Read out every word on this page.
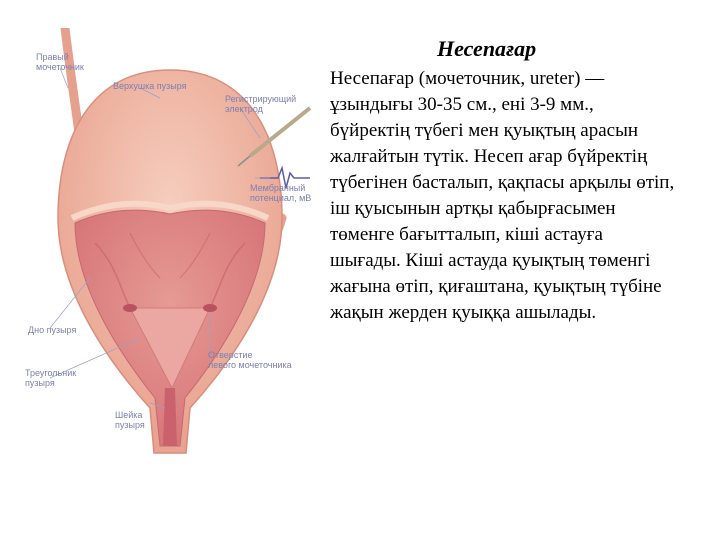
Правый
мочеточник
Верхушка пузыря
Регистрирующий
электрод
Мембранный
потенциал, мВ
Дно пузыря
Треугольник
пузыря
Шейка
пузыря
Отверстие
левого мочеточника
Несепағар

Несепағар (мочеточник, ureter) —ұзындығы 30-35 см., ені 3-9 мм., бүйректің түбегі мен қуықтың арасын жалғайтын түтік. Несеп ағар бүйректің түбегінен басталып, қақпасы арқылы өтіп, іш қуысынын артқы қабырғасымен төменге бағытталып, кіші астауға шығады. Кіші астауда қуықтың төменгі жағына өтіп, қиғаштана, қуықтың түбіне жақын жерден қуыққа ашылады.
